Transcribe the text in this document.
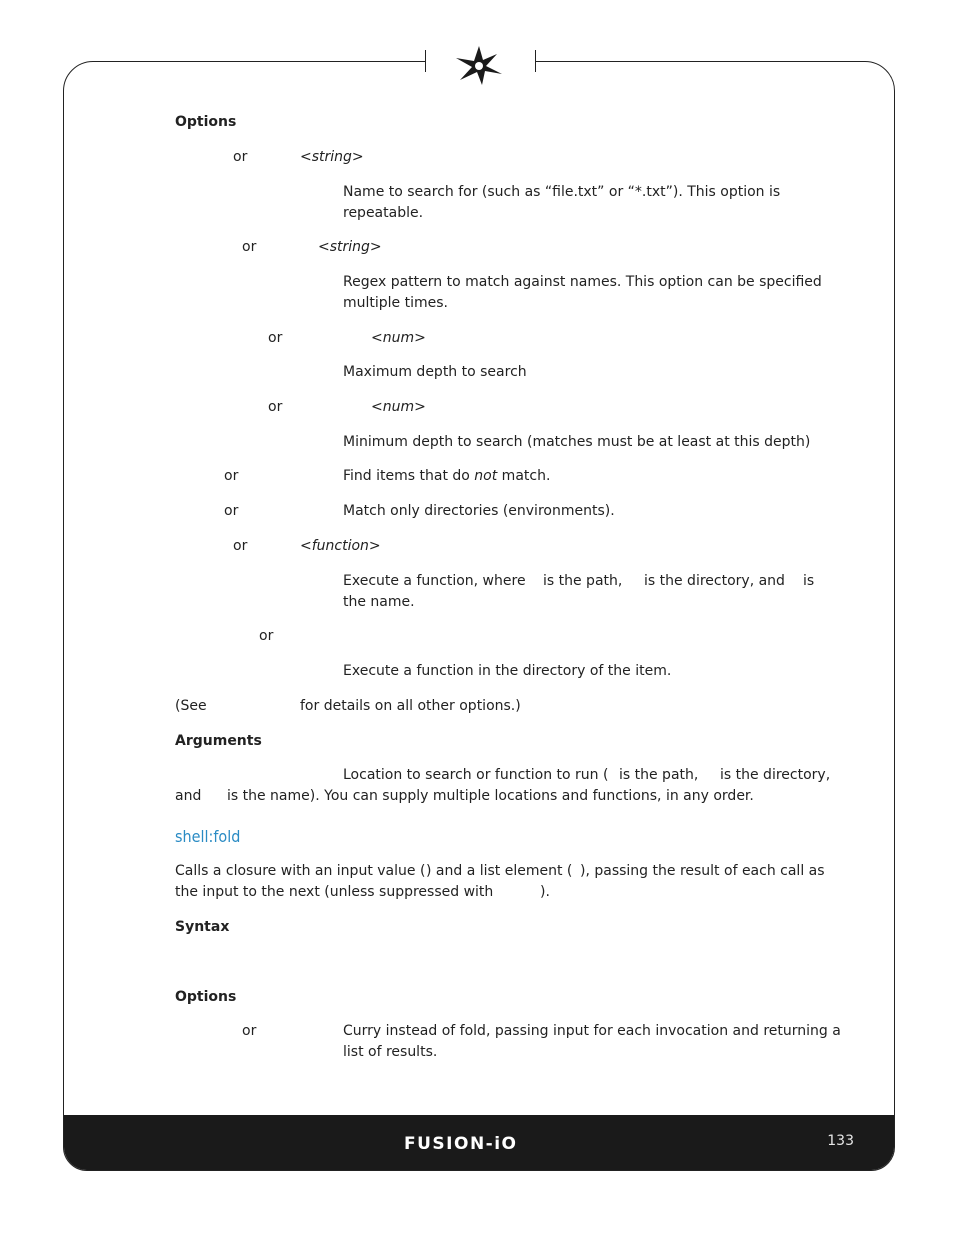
FUSION-iO	133
Options
or	<string>
Name to search for (such as “file.txt” or “*.txt”). This option is
repeatable.
or	<string>
Regex pattern to match against names. This option can be specified
multiple times.
or	<num>
Maximum depth to search
or	<num>
Minimum depth to search (matches must be at least at this depth)
or	Find items that do not match.
or	Match only directories (environments).
or	<function>
Execute a function, where is the path, is the directory, and is
the name.
or
Execute a function in the directory of the item.
(See	for details on all other options.)
Arguments
Location to search or function to run ( is the path, is the directory,
and is the name). You can supply multiple locations and functions, in any order.
shell:fold
Calls a closure with an input value ( ) and a list element ( ), passing the result of each call as
the input to the next (unless suppressed with	).
Syntax
Options
or	Curry instead of fold, passing input for each invocation and returning a
list of results.
